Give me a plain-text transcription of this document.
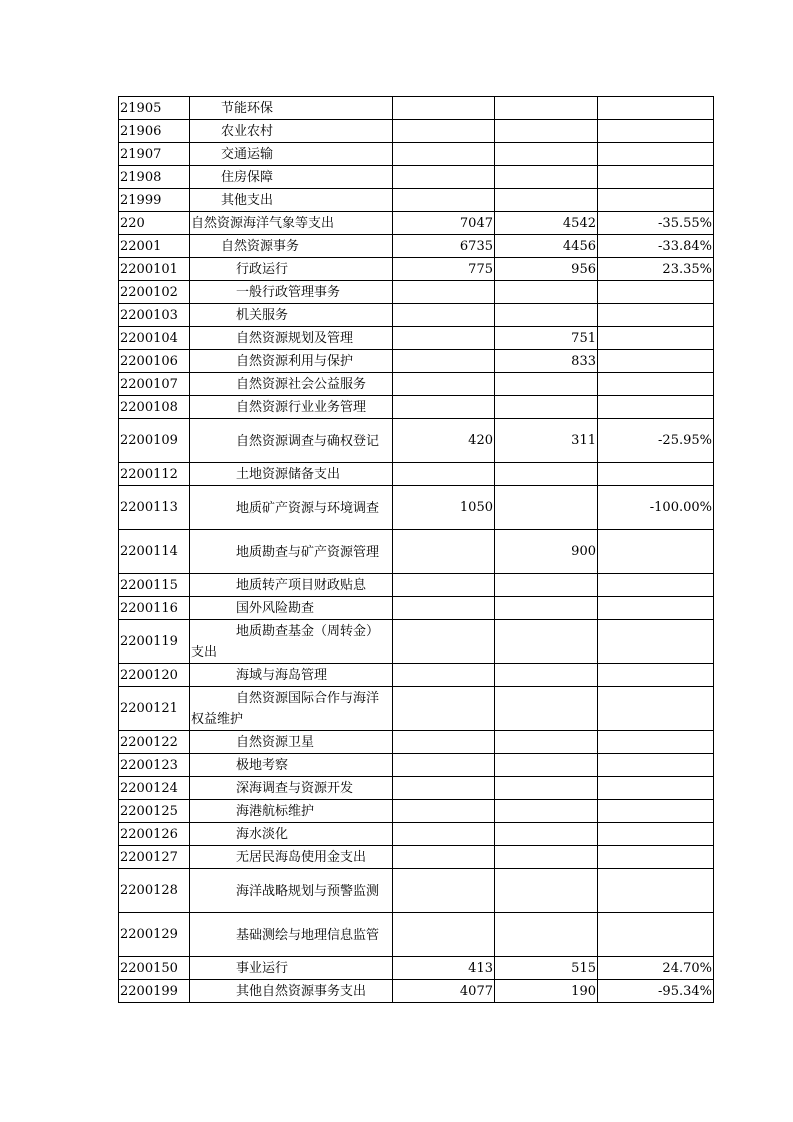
21905	节能环保			

21906	农业农村			

21907	交通运输			

21908	住房保障			

21999	其他支出			

220	自然资源海洋气象等支出	7047	4542	-35.55%
22001	自然资源事务	6735	4456	-33.84%
2200101	行政运行	775	956	23.35%
2200102	一般行政管理事务			

2200103	机关服务			

2200104	自然资源规划及管理		751	
2200106	自然资源利用与保护		833	
2200107	自然资源社会公益服务			

2200108	自然资源行业业务管理			

2200109	自然资源调查与确权登记	420	311	-25.95%
2200112	土地资源储备支出			

2200113	地质矿产资源与环境调查	1050		-100.00%
2200114	地质勘查与矿产资源管理		900	
2200115	地质转产项目财政贴息			

2200116	国外风险勘查			

2200119	地质勘查基金（周转金）支出			

2200120	海域与海岛管理			

2200121	自然资源国际合作与海洋权益维护			

2200122	自然资源卫星			

2200123	极地考察			

2200124	深海调查与资源开发			

2200125	海港航标维护			

2200126	海水淡化			

2200127	无居民海岛使用金支出			

2200128	海洋战略规划与预警监测			

2200129	基础测绘与地理信息监管			

2200150	事业运行	413	515	24.70%
2200199	其他自然资源事务支出	4077	190	-95.34%
